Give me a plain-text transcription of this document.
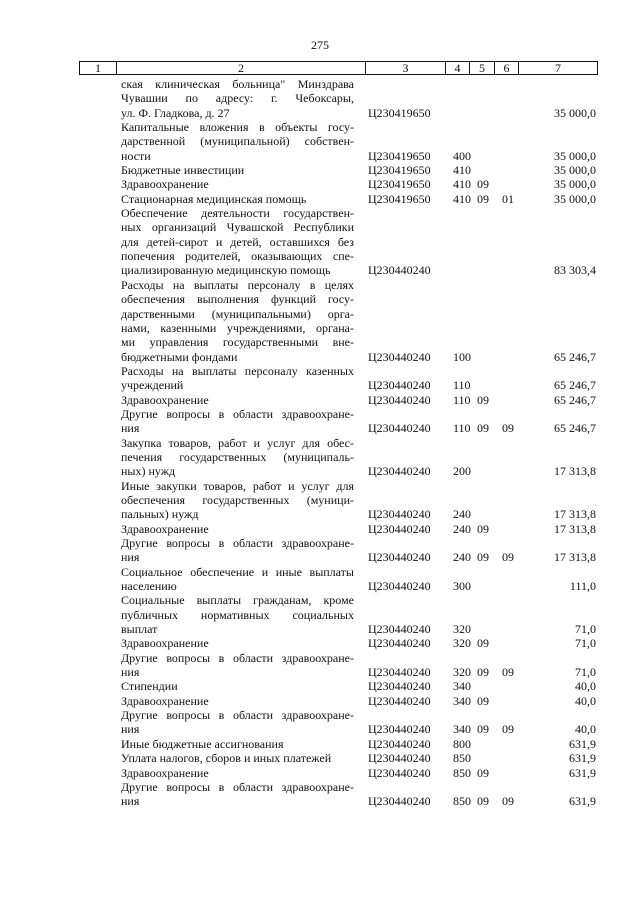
275
1	2	3	4	5	6	7
ская клиническая больница" Минздрава
Чувашии по адресу: г. Чебоксары,
ул. Ф. Гладкова, д. 27	Ц230419650	35 000,0
Капитальные вложения в объекты госу-
дарственной (муниципальной) собствен-
ности	Ц230419650 400	35 000,0
Бюджетные инвестиции	Ц230419650 410	35 000,0
Здравоохранение	Ц230419650 410 09	35 000,0
Стационарная медицинская помощь	Ц230419650 410 09 01	35 000,0
Обеспечение деятельности государствен-
ных организаций Чувашской Республики
для детей-сирот и детей, оставшихся без
попечения родителей, оказывающих спе-
циализированную медицинскую помощь	Ц230440240	83 303,4
Расходы на выплаты персоналу в целях
обеспечения выполнения функций госу-
дарственными (муниципальными) орга-
нами, казенными учреждениями, органа-
ми управления государственными вне-
бюджетными фондами	Ц230440240 100	65 246,7
Расходы на выплаты персоналу казенных
учреждений	Ц230440240 110	65 246,7
Здравоохранение	Ц230440240 110 09	65 246,7
Другие вопросы в области здравоохране-
ния	Ц230440240 110 09 09	65 246,7
Закупка товаров, работ и услуг для обес-
печения государственных (муниципаль-
ных) нужд	Ц230440240 200	17 313,8
Иные закупки товаров, работ и услуг для
обеспечения государственных (муници-
пальных) нужд	Ц230440240 240	17 313,8
Здравоохранение	Ц230440240 240 09	17 313,8
Другие вопросы в области здравоохране-
ния	Ц230440240 240 09 09	17 313,8
Социальное обеспечение и иные выплаты
населению	Ц230440240 300	111,0
Социальные выплаты гражданам, кроме
публичных нормативных социальных
выплат	Ц230440240 320	71,0
Здравоохранение	Ц230440240 320 09	71,0
Другие вопросы в области здравоохране-
ния	Ц230440240 320 09 09	71,0
Стипендии	Ц230440240 340	40,0
Здравоохранение	Ц230440240 340 09	40,0
Другие вопросы в области здравоохране-
ния	Ц230440240 340 09 09	40,0
Иные бюджетные ассигнования	Ц230440240 800	631,9
Уплата налогов, сборов и иных платежей	Ц230440240 850	631,9
Здравоохранение	Ц230440240 850 09	631,9
Другие вопросы в области здравоохране-
ния	Ц230440240 850 09 09	631,9
